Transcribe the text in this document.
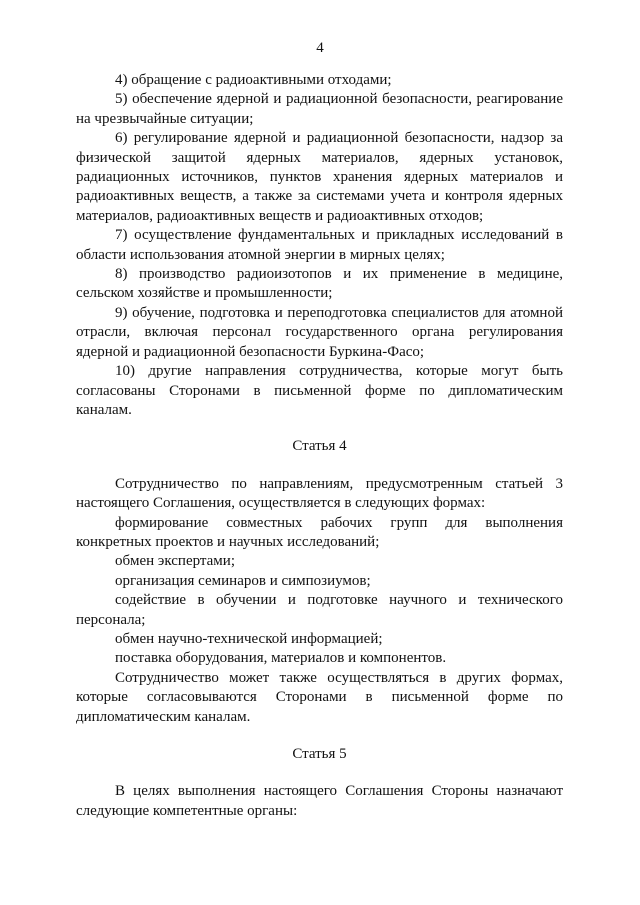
4

4) обращение с радиоактивными отходами;

5) обеспечение ядерной и радиационной безопасности, реагирование на чрезвычайные ситуации;

6) регулирование ядерной и радиационной безопасности, надзор за физической защитой ядерных материалов, ядерных установок, радиационных источников, пунктов хранения ядерных материалов и радиоактивных веществ, а также за системами учета и контроля ядерных материалов, радиоактивных веществ и радиоактивных отходов;

7) осуществление фундаментальных и прикладных исследований в области использования атомной энергии в мирных целях;

8) производство радиоизотопов и их применение в медицине, сельском хозяйстве и промышленности;

9) обучение, подготовка и переподготовка специалистов для атомной отрасли, включая персонал государственного органа регулирования ядерной и радиационной безопасности Буркина-Фасо;

10) другие направления сотрудничества, которые могут быть согласованы Сторонами в письменной форме по дипломатическим каналам.

Статья 4

Сотрудничество по направлениям, предусмотренным статьей 3 настоящего Соглашения, осуществляется в следующих формах:

формирование совместных рабочих групп для выполнения конкретных проектов и научных исследований;

обмен экспертами;

организация семинаров и симпозиумов;

содействие в обучении и подготовке научного и технического персонала;

обмен научно-технической информацией;

поставка оборудования, материалов и компонентов.

Сотрудничество может также осуществляться в других формах, которые согласовываются Сторонами в письменной форме по дипломатическим каналам.

Статья 5

В целях выполнения настоящего Соглашения Стороны назначают следующие компетентные органы:
